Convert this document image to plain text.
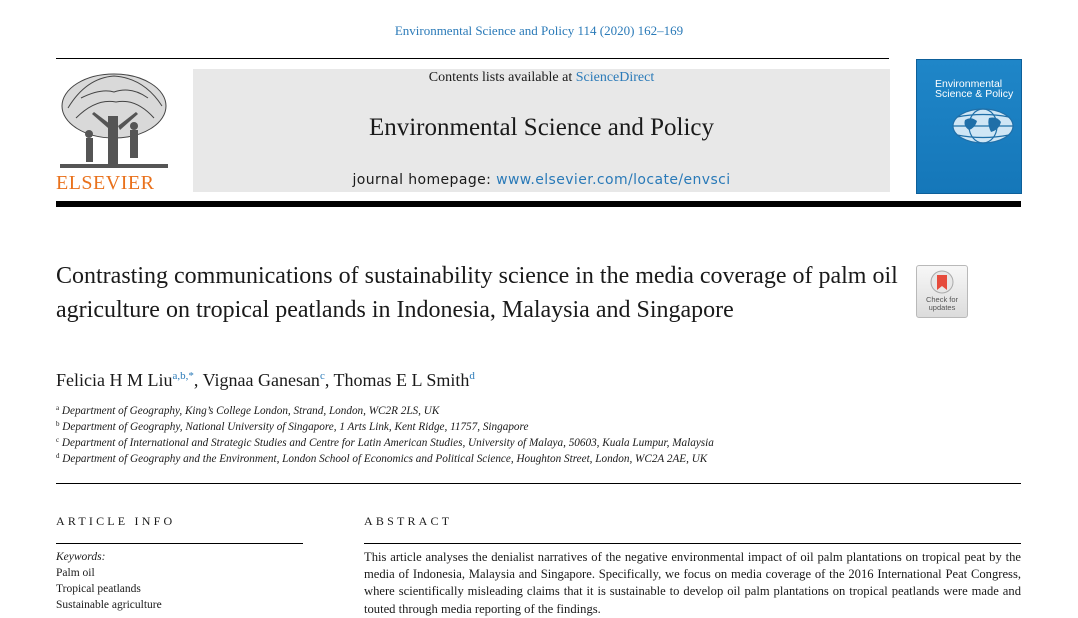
Environmental Science and Policy 114 (2020) 162–169
ELSEVIER
Contents lists available at ScienceDirect
Environmental Science and Policy
journal homepage: www.elsevier.com/locate/envsci
Environmental Science & Policy
Contrasting communications of sustainability science in the media coverage of palm oil agriculture on tropical peatlands in Indonesia, Malaysia and Singapore	Check for updates
Felicia H M Liu$^{a,b,*}$, Vignaa Ganesan$^c$, Thomas E L Smith$^d$
$^a$ Department of Geography, King’s College London, Strand, London, WC2R 2LS, UK
$^b$ Department of Geography, National University of Singapore, 1 Arts Link, Kent Ridge, 11757, Singapore
$^c$ Department of International and Strategic Studies and Centre for Latin American Studies, University of Malaya, 50603, Kuala Lumpur, Malaysia
$^d$ Department of Geography and the Environment, London School of Economics and Political Science, Houghton Street, London, WC2A 2AE, UK
ARTICLE INFO
Keywords:
Palm oil
Tropical peatlands
Sustainable agriculture
ABSTRACT
This article analyses the denialist narratives of the negative environmental impact of oil palm plantations on tropical peat by the media of Indonesia, Malaysia and Singapore. Specifically, we focus on media coverage of the 2016 International Peat Congress, where scientifically misleading claims that it is sustainable to develop oil palm plantations on tropical peatlands were made and touted through media reporting of the findings.
